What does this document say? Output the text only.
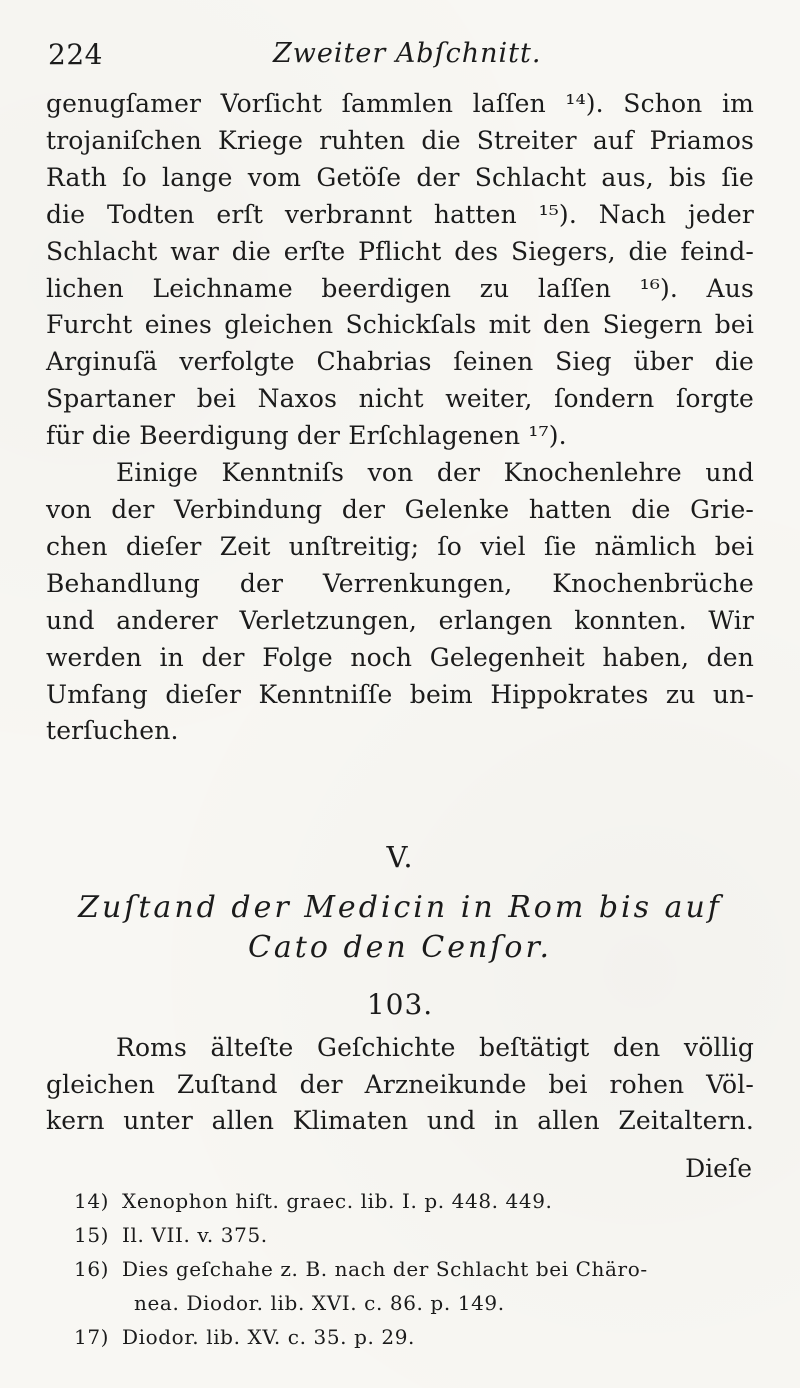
224	Zweiter Abſchnitt.
genugſamer Vorſicht ſammlen laſſen ¹⁴). Schon im
trojaniſchen Kriege ruhten die Streiter auf Priamos
Rath ſo lange vom Getöſe der Schlacht aus, bis ſie
die Todten erſt verbrannt hatten ¹⁵). Nach jeder
Schlacht war die erſte Pflicht des Siegers, die feind-
lichen Leichname beerdigen zu laſſen ¹⁶). Aus
Furcht eines gleichen Schickſals mit den Siegern bei
Arginuſä verfolgte Chabrias ſeinen Sieg über die
Spartaner bei Naxos nicht weiter, ſondern ſorgte
für die Beerdigung der Erſchlagenen ¹⁷).
Einige Kenntniſs von der Knochenlehre und
von der Verbindung der Gelenke hatten die Grie-
chen dieſer Zeit unſtreitig; ſo viel ſie nämlich bei
Behandlung der Verrenkungen, Knochenbrüche
und anderer Verletzungen, erlangen konnten. Wir
werden in der Folge noch Gelegenheit haben, den
Umfang dieſer Kenntniſſe beim Hippokrates zu un-
terſuchen.
V.
Zuſtand der Medicin in Rom bis auf
Cato den Cenſor.
103.
Roms älteſte Geſchichte beſtätigt den völlig
gleichen Zuſtand der Arzneikunde bei rohen Völ-
kern unter allen Klimaten und in allen Zeitaltern.
Dieſe
14) Xenophon hiſt. graec. lib. I. p. 448. 449.
15) Il. VII. v. 375.
16) Dies geſchahe z. B. nach der Schlacht bei Chäro-
nea. Diodor. lib. XVI. c. 86. p. 149.
17) Diodor. lib. XV. c. 35. p. 29.
